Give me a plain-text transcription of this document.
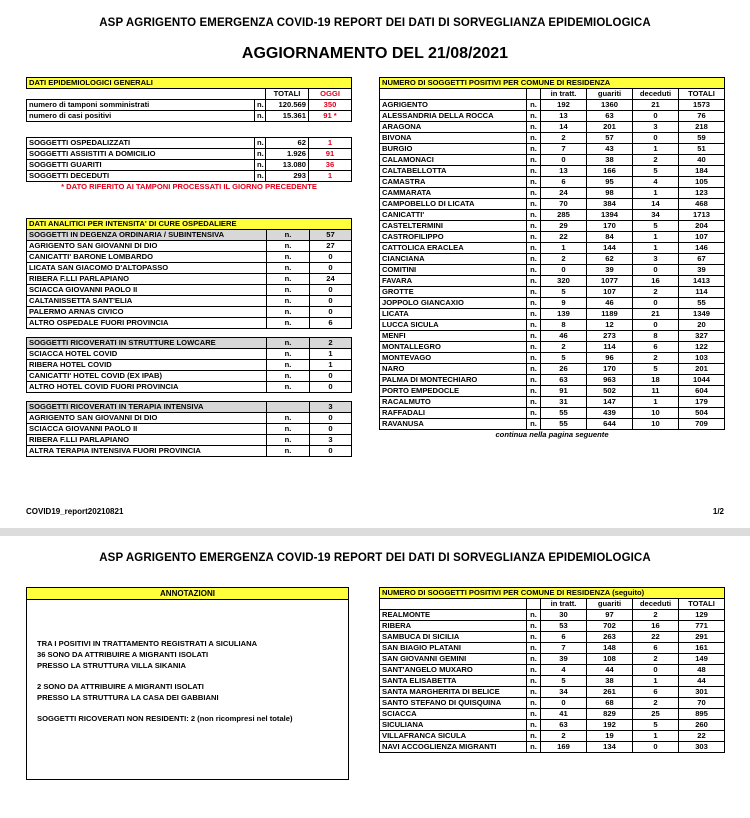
ASP AGRIGENTO EMERGENZA COVID-19 REPORT DEI DATI DI SORVEGLIANZA EPIDEMIOLOGICA
AGGIORNAMENTO DEL 21/08/2021
DATI EPIDEMIOLOGICI GENERALI			
		TOTALI	OGGI
numero di tamponi somministrati	n.	120.569	350
numero di casi positivi	n.	15.361	91 *

SOGGETTI OSPEDALIZZATI	n.	62	1
SOGGETTI ASSISTITI A DOMICILIO	n.	1.926	91
SOGGETTI GUARITI	n.	13.080	36
SOGGETTI DECEDUTI	n.	293	1
* DATO RIFERITO AI TAMPONI PROCESSATI IL GIORNO PRECEDENTE			
DATI ANALITICI PER INTENSITA' DI CURE OSPEDALIERE		
SOGGETTI IN DEGENZA ORDINARIA / SUBINTENSIVA	n.	57
AGRIGENTO SAN GIOVANNI DI DIO	n.	27
CANICATTI' BARONE LOMBARDO	n.	0
LICATA SAN GIACOMO D'ALTOPASSO	n.	0
RIBERA F.LLI PARLAPIANO	n.	24
SCIACCA GIOVANNI PAOLO II	n.	0
CALTANISSETTA SANT'ELIA	n.	0
PALERMO ARNAS CIVICO	n.	0
ALTRO OSPEDALE FUORI PROVINCIA	n.	6

SOGGETTI RICOVERATI IN STRUTTURE LOWCARE	n.	2
SCIACCA HOTEL COVID	n.	1
RIBERA HOTEL COVID	n.	1
CANICATTI' HOTEL COVID (EX IPAB)	n.	0
ALTRO HOTEL COVID FUORI PROVINCIA	n.	0

SOGGETTI RICOVERATI IN TERAPIA INTENSIVA		3
AGRIGENTO SAN GIOVANNI DI DIO	n.	0
SCIACCA GIOVANNI PAOLO II	n.	0
RIBERA F.LLI PARLAPIANO	n.	3
ALTRA TERAPIA INTENSIVA FUORI PROVINCIA	n.	0
NUMERO DI SOGGETTI POSITIVI PER COMUNE DI RESIDENZA					
		in tratt.	guariti	deceduti	TOTALI
AGRIGENTO	n.	192	1360	21	1573
ALESSANDRIA DELLA ROCCA	n.	13	63	0	76
ARAGONA	n.	14	201	3	218
BIVONA	n.	2	57	0	59
BURGIO	n.	7	43	1	51
CALAMONACI	n.	0	38	2	40
CALTABELLOTTA	n.	13	166	5	184
CAMASTRA	n.	6	95	4	105
CAMMARATA	n.	24	98	1	123
CAMPOBELLO DI LICATA	n.	70	384	14	468
CANICATTI'	n.	285	1394	34	1713
CASTELTERMINI	n.	29	170	5	204
CASTROFILIPPO	n.	22	84	1	107
CATTOLICA ERACLEA	n.	1	144	1	146
CIANCIANA	n.	2	62	3	67
COMITINI	n.	0	39	0	39
FAVARA	n.	320	1077	16	1413
GROTTE	n.	5	107	2	114
JOPPOLO GIANCAXIO	n.	9	46	0	55
LICATA	n.	139	1189	21	1349
LUCCA SICULA	n.	8	12	0	20
MENFI	n.	46	273	8	327
MONTALLEGRO	n.	2	114	6	122
MONTEVAGO	n.	5	96	2	103
NARO	n.	26	170	5	201
PALMA DI MONTECHIARO	n.	63	963	18	1044
PORTO EMPEDOCLE	n.	91	502	11	604
RACALMUTO	n.	31	147	1	179
RAFFADALI	n.	55	439	10	504
RAVANUSA	n.	55	644	10	709
continua nella pagina seguente					
COVID19_report20210821	1/2
ASP AGRIGENTO EMERGENZA COVID-19 REPORT DEI DATI DI SORVEGLIANZA EPIDEMIOLOGICA
ANNOTAZIONI

TRA I POSITIVI IN TRATTAMENTO REGISTRATI A SICULIANA

36 SONO DA ATTRIBUIRE A MIGRANTI ISOLATI

PRESSO LA STRUTTURA VILLA SIKANIA

2 SONO DA ATTRIBUIRE A MIGRANTI ISOLATI

PRESSO LA STRUTTURA LA CASA DEI GABBIANI

SOGGETTI RICOVERATI NON RESIDENTI: 2 (non ricompresi nel totale)

NUMERO DI SOGGETTI POSITIVI PER COMUNE DI RESIDENZA (seguito)					
		in tratt.	guariti	deceduti	TOTALI
REALMONTE	n.	30	97	2	129
RIBERA	n.	53	702	16	771
SAMBUCA DI SICILIA	n.	6	263	22	291
SAN BIAGIO PLATANI	n.	7	148	6	161
SAN GIOVANNI GEMINI	n.	39	108	2	149
SANT'ANGELO MUXARO	n.	4	44	0	48
SANTA ELISABETTA	n.	5	38	1	44
SANTA MARGHERITA DI BELICE	n.	34	261	6	301
SANTO STEFANO DI QUISQUINA	n.	0	68	2	70
SCIACCA	n.	41	829	25	895
SICULIANA	n.	63	192	5	260
VILLAFRANCA SICULA	n.	2	19	1	22
NAVI ACCOGLIENZA MIGRANTI	n.	169	134	0	303
